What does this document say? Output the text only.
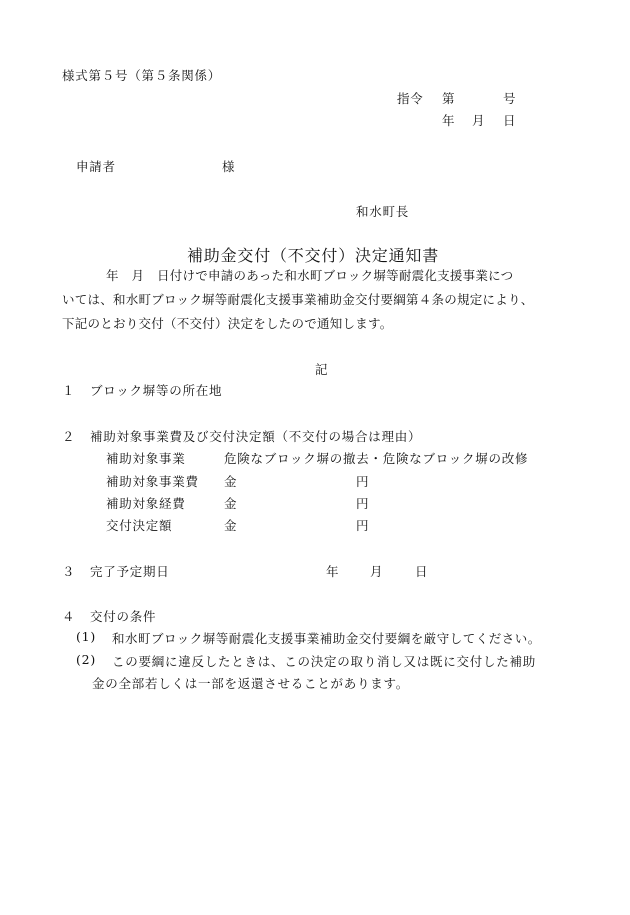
様式第５号（第５条関係）
指令 第	号
年 月 日
申請者	様
和水町長
補助金交付（不交付）決定通知書
年　月　日付けで申請のあった和水町ブロック塀等耐震化支援事業につ
いては、和水町ブロック塀等耐震化支援事業補助金交付要綱第４条の規定により、
下記のとおり交付（不交付）決定をしたので通知します。
記
１ ブロック塀等の所在地
２ 補助対象事業費及び交付決定額（不交付の場合は理由）
補助対象事業	危険なブロック塀の撤去・危険なブロック塀の改修
補助対象事業費 金	円
補助対象経費	金	円
交付決定額	金	円
３ 完了予定期日	年 月	日
４ 交付の条件
(1) 和水町ブロック塀等耐震化支援事業補助金交付要綱を厳守してください。
(2) この要綱に違反したときは、この決定の取り消し又は既に交付した補助
金の全部若しくは一部を返還させることがあります。
